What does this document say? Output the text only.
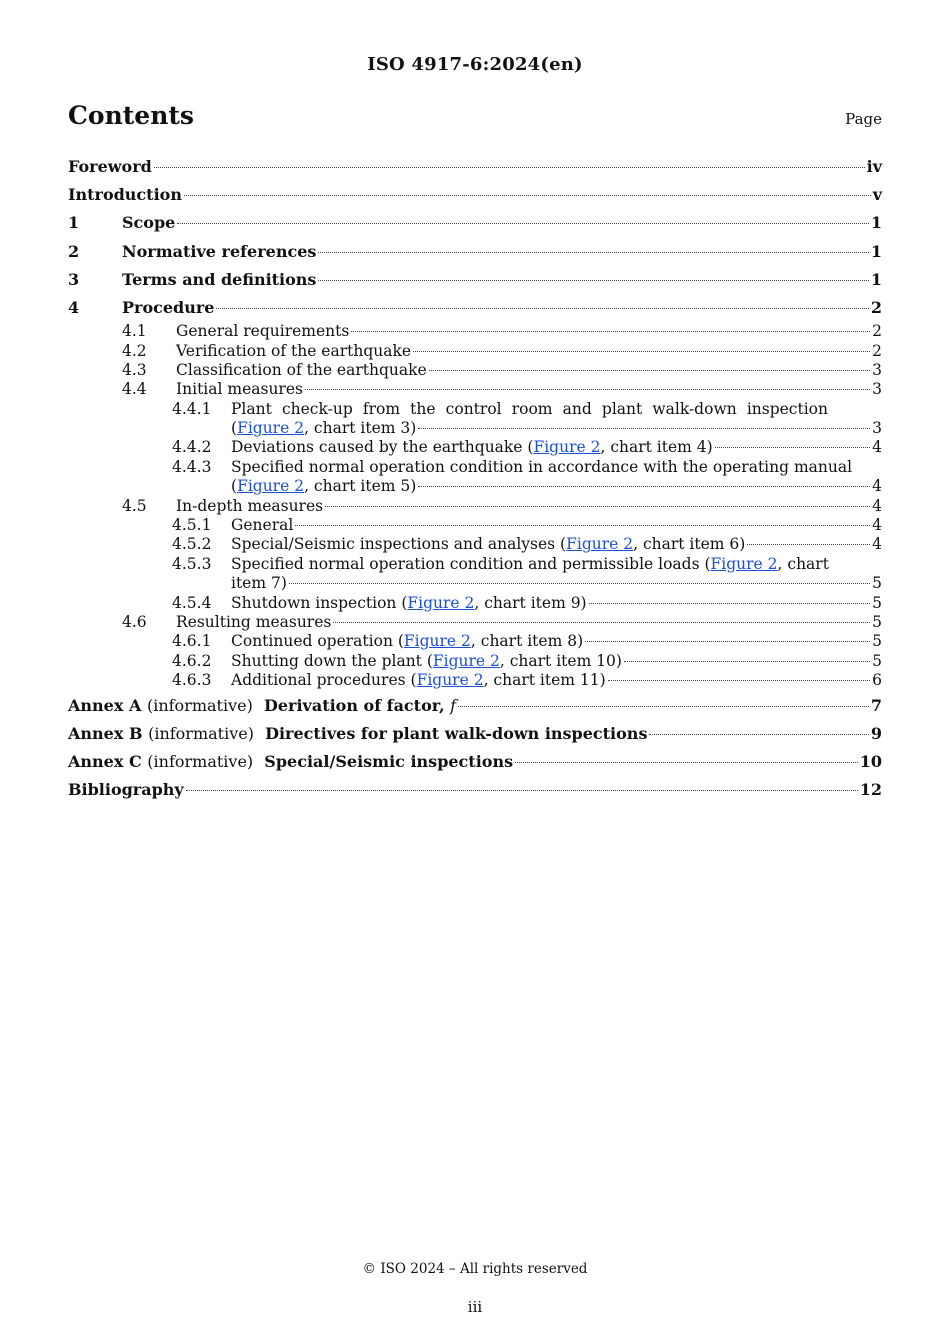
ISO 4917-6:2024(en)
Contents	Page
Foreword	iv
Introduction	v
1	Scope	1
2	Normative references	1
3	Terms and definitions	1
4	Procedure	2
4.1	General requirements	2
4.2	Verification of the earthquake	2
4.3	Classification of the earthquake	3
4.4	Initial measures	3
4.4.1	Plant check-up from the control room and plant walk-down inspection
(Figure 2, chart item 3)	3
4.4.2	Deviations caused by the earthquake (Figure 2, chart item 4)	4
4.4.3	Specified normal operation condition in accordance with the operating manual
(Figure 2, chart item 5)	4
4.5	In-depth measures	4
4.5.1	General	4
4.5.2	Special/Seismic inspections and analyses (Figure 2, chart item 6)	4
4.5.3	Specified normal operation condition and permissible loads (Figure 2, chart
item 7)	5
4.5.4	Shutdown inspection (Figure 2, chart item 9)	5
4.6	Resulting measures	5
4.6.1	Continued operation (Figure 2, chart item 8)	5
4.6.2	Shutting down the plant (Figure 2, chart item 10)	5
4.6.3	Additional procedures (Figure 2, chart item 11)	6
Annex A (informative) Derivation of factor, f	7
Annex B (informative) Directives for plant walk-down inspections	9
Annex C (informative) Special/Seismic inspections	10
Bibliography	12
© ISO 2024 – All rights reserved
iii
